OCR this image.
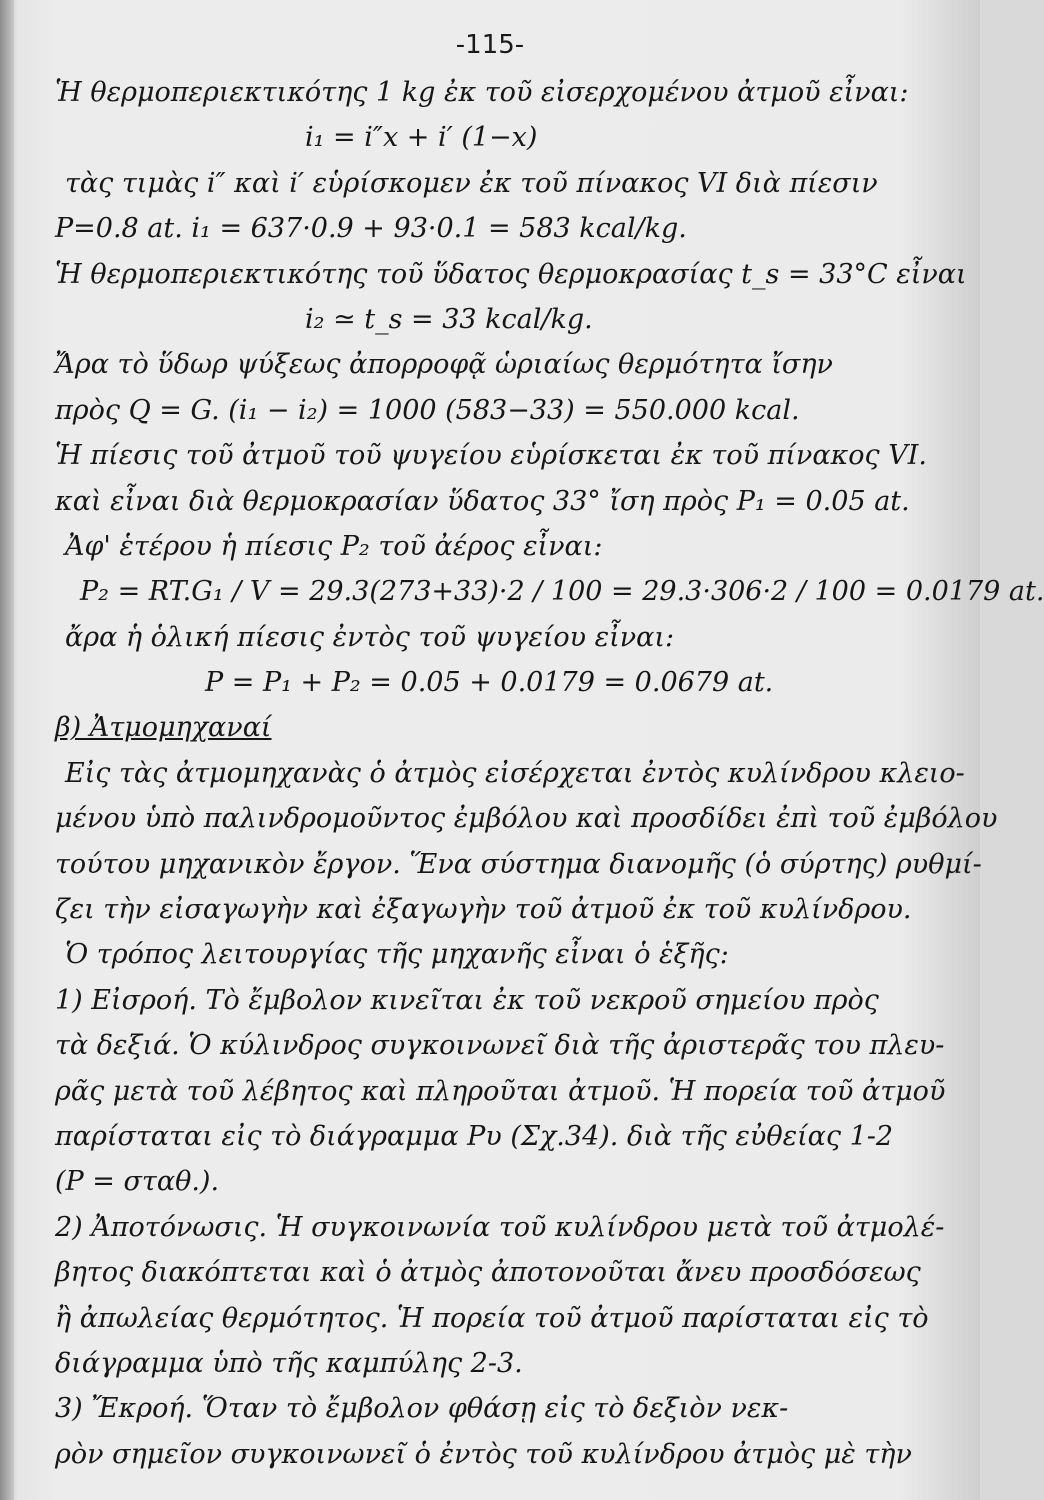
-115-
Ἡ θερμοπεριεκτικότης 1 kg ἐκ τοῦ εἰσερχομένου ἀτμοῦ εἶναι:
i₁ = i″x + i′ (1−x)
τὰς τιμὰς i″ καὶ i′ εὑρίσκομεν ἐκ τοῦ πίνακος VI διὰ πίεσιν
P=0.8 at. i₁ = 637·0.9 + 93·0.1 = 583 kcal/kg.
Ἡ θερμοπεριεκτικότης τοῦ ὕδατος θερμοκρασίας t_s = 33°C εἶναι
i₂ ≃ t_s = 33 kcal/kg.
Ἄρα τὸ ὕδωρ ψύξεως ἀπορροφᾷ ὡριαίως θερμότητα ἴσην
πρὸς Q = G. (i₁ − i₂) = 1000 (583−33) = 550.000 kcal.
Ἡ πίεσις τοῦ ἀτμοῦ τοῦ ψυγείου εὑρίσκεται ἐκ τοῦ πίνακος VI.
καὶ εἶναι διὰ θερμοκρασίαν ὕδατος 33° ἴση πρὸς P₁ = 0.05 at.
Ἀφ' ἑτέρου ἡ πίεσις P₂ τοῦ ἀέρος εἶναι:
P₂ = RT.G₁ / V = 29.3(273+33)·2 / 100 = 29.3·306·2 / 100 = 0.0179 at.
ἄρα ἡ ὁλική πίεσις ἐντὸς τοῦ ψυγείου εἶναι:
P = P₁ + P₂ = 0.05 + 0.0179 = 0.0679 at.
β) Ἀτμομηχαναί
Εἰς τὰς ἀτμομηχανὰς ὁ ἀτμὸς εἰσέρχεται ἐντὸς κυλίνδρου κλειο-
μένου ὑπὸ παλινδρομοῦντος ἐμβόλου καὶ προσδίδει ἐπὶ τοῦ ἐμβόλου
τούτου μηχανικὸν ἔργον. Ἕνα σύστημα διανομῆς (ὁ σύρτης) ρυθμί-
ζει τὴν εἰσαγωγὴν καὶ ἐξαγωγὴν τοῦ ἀτμοῦ ἐκ τοῦ κυλίνδρου.
Ὁ τρόπος λειτουργίας τῆς μηχανῆς εἶναι ὁ ἑξῆς:
1) Εἰσροή. Τὸ ἔμβολον κινεῖται ἐκ τοῦ νεκροῦ σημείου πρὸς
τὰ δεξιά. Ὁ κύλινδρος συγκοινωνεῖ διὰ τῆς ἀριστερᾶς του πλευ-
ρᾶς μετὰ τοῦ λέβητος καὶ πληροῦται ἀτμοῦ. Ἡ πορεία τοῦ ἀτμοῦ
παρίσταται εἰς τὸ διάγραμμα Pυ (Σχ.34). διὰ τῆς εὐθείας 1-2
(P = σταθ.).
2) Ἀποτόνωσις. Ἡ συγκοινωνία τοῦ κυλίνδρου μετὰ τοῦ ἀτμολέ-
βητος διακόπτεται καὶ ὁ ἀτμὸς ἀποτονοῦται ἄνευ προσδόσεως
ἢ ἀπωλείας θερμότητος. Ἡ πορεία τοῦ ἀτμοῦ παρίσταται εἰς τὸ
διάγραμμα ὑπὸ τῆς καμπύλης 2-3.
3) Ἔκροή. Ὅταν τὸ ἔμβολον φθάσῃ εἰς τὸ δεξιὸν νεκ-
ρὸν σημεῖον συγκοινωνεῖ ὁ ἐντὸς τοῦ κυλίνδρου ἀτμὸς μὲ τὴν
